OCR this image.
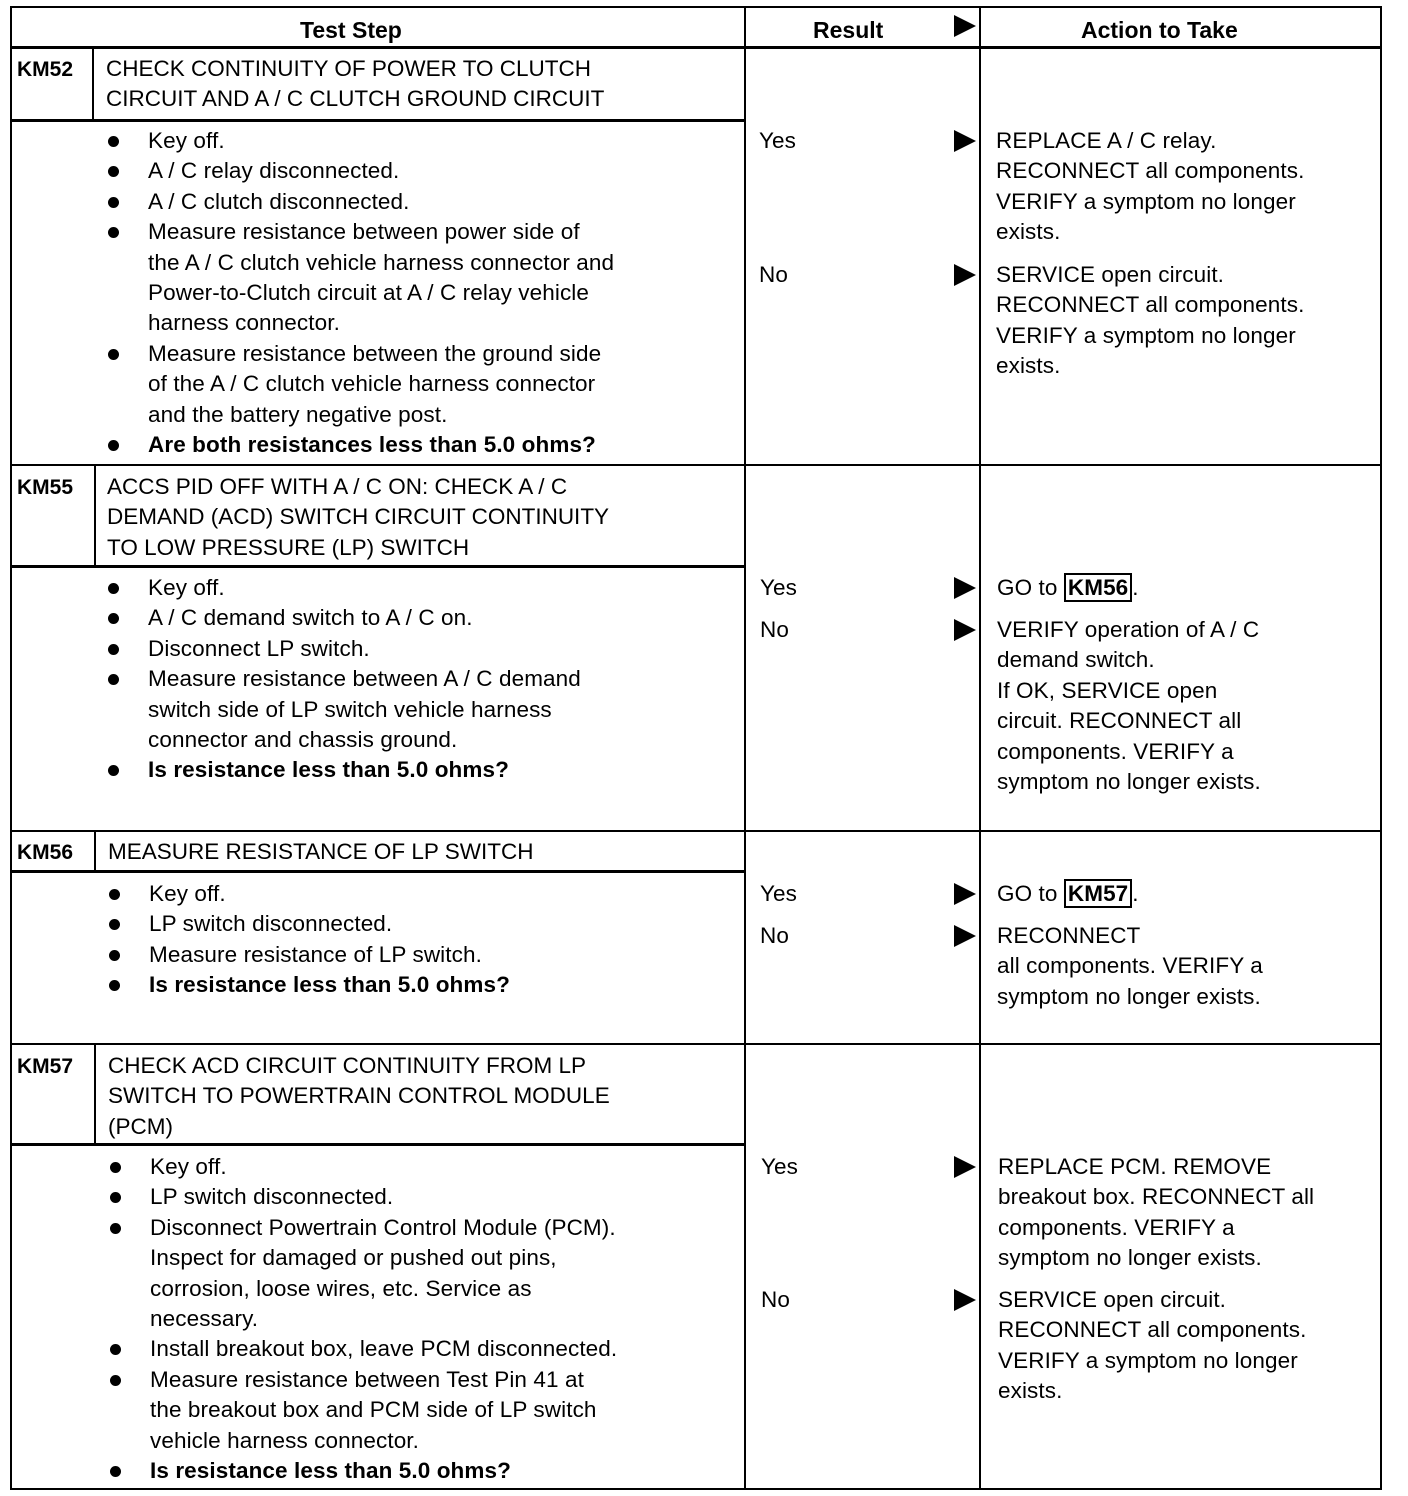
Test Step	Result	Action to Take
KM52 CHECK CONTINUITY OF POWER TO CLUTCH
CIRCUIT AND A / C CLUTCH GROUND CIRCUIT
Key off.
A / C relay disconnected.
A / C clutch disconnected.
Measure resistance between power side of
the A / C clutch vehicle harness connector and
Power-to-Clutch circuit at A / C relay vehicle
harness connector.
Measure resistance between the ground side
of the A / C clutch vehicle harness connector
and the battery negative post.
Are both resistances less than 5.0 ohms?
Yes	REPLACE A / C relay.
RECONNECT all components.
VERIFY a symptom no longer
exists.
No	SERVICE open circuit.
RECONNECT all components.
VERIFY a symptom no longer
exists.
KM55 ACCS PID OFF WITH A / C ON: CHECK A / C
DEMAND (ACD) SWITCH CIRCUIT CONTINUITY
TO LOW PRESSURE (LP) SWITCH
Key off.
A / C demand switch to A / C on.
Disconnect LP switch.
Measure resistance between A / C demand
switch side of LP switch vehicle harness
connector and chassis ground.
Is resistance less than 5.0 ohms?
Yes	GO to KM56 .
No	VERIFY operation of A / C
demand switch.
If OK, SERVICE open
circuit. RECONNECT all
components. VERIFY a
symptom no longer exists.
KM56 MEASURE RESISTANCE OF LP SWITCH
Key off.
LP switch disconnected.
Measure resistance of LP switch.
Is resistance less than 5.0 ohms?
Yes	GO to KM57 .
No	RECONNECT
all components. VERIFY a
symptom no longer exists.
KM57 CHECK ACD CIRCUIT CONTINUITY FROM LP
SWITCH TO POWERTRAIN CONTROL MODULE
(PCM)
Key off.
LP switch disconnected.
Disconnect Powertrain Control Module (PCM).
Inspect for damaged or pushed out pins,
corrosion, loose wires, etc. Service as
necessary.
Install breakout box, leave PCM disconnected.
Measure resistance between Test Pin 41 at
the breakout box and PCM side of LP switch
vehicle harness connector.
Is resistance less than 5.0 ohms?
Yes	REPLACE PCM. REMOVE
breakout box. RECONNECT all
components. VERIFY a
symptom no longer exists.
No	SERVICE open circuit.
RECONNECT all components.
VERIFY a symptom no longer
exists.
